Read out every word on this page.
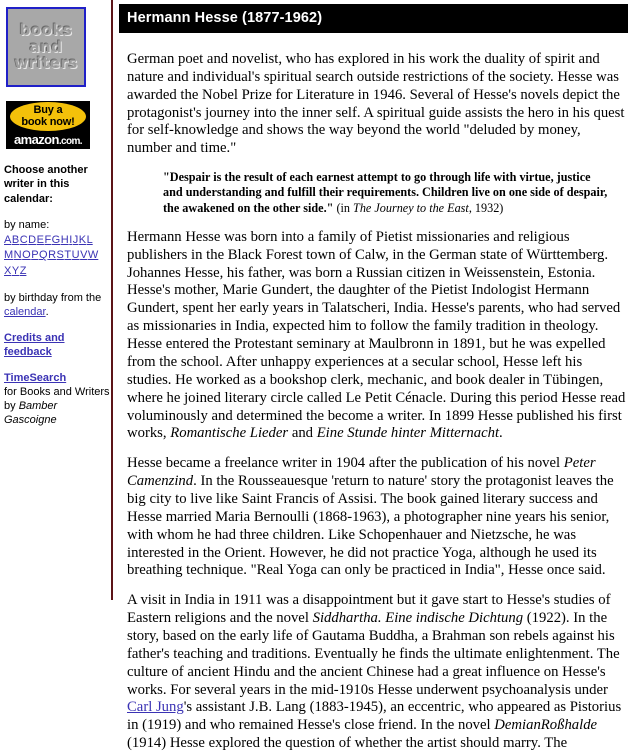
books
and
writers
Buy a
book now!
amazon.com.
Choose another writer in this calendar:
by name:
ABCDEFGHIJKL
MNOPQRSTUVW
XYZ
by birthday from the
calendar.
Credits and feedback
TimeSearch
for Books and Writers
by Bamber Gascoigne
Hermann Hesse (1877-1962)

German poet and novelist, who has explored in his work the duality of spirit and nature and individual's spiritual search outside restrictions of the society. Hesse was awarded the Nobel Prize for Literature in 1946. Several of Hesse's novels depict the protagonist's journey into the inner self. A spiritual guide assists the hero in his quest for self-knowledge and shows the way beyond the world "deluded by money, number and time."

"Despair is the result of each earnest attempt to go through life with virtue, justice and understanding and fulfill their requirements. Children live on one side of despair, the awakened on the other side." (in The Journey to the East, 1932)

Hermann Hesse was born into a family of Pietist missionaries and religious publishers in the Black Forest town of Calw, in the German state of Württemberg. Johannes Hesse, his father, was born a Russian citizen in Weissenstein, Estonia. Hesse's mother, Marie Gundert, the daughter of the Pietist Indologist Hermann Gundert, spent her early years in Talatscheri, India. Hesse's parents, who had served as missionaries in India, expected him to follow the family tradition in theology. Hesse entered the Protestant seminary at Maulbronn in 1891, but he was expelled from the school. After unhappy experiences at a secular school, Hesse left his studies. He worked as a bookshop clerk, mechanic, and book dealer in Tübingen, where he joined literary circle called Le Petit Cénacle. During this period Hesse read voluminously and determined the become a writer. In 1899 Hesse published his first works, Romantische Lieder and Eine Stunde hinter Mitternacht.

Hesse became a freelance writer in 1904 after the publication of his novel Peter Camenzind. In the Rousseauesque 'return to nature' story the protagonist leaves the big city to live like Saint Francis of Assisi. The book gained literary success and Hesse married Maria Bernoulli (1868-1963), a photographer nine years his senior, with whom he had three children. Like Schopenhauer and Nietzsche, he was interested in the Orient. However, he did not practice Yoga, although he used its breathing technique. "Real Yoga can only be practiced in India", Hesse once said.

A visit in India in 1911 was a disappointment but it gave start to Hesse's studies of Eastern religions and the novel Siddhartha. Eine indische Dichtung (1922). In the story, based on the early life of Gautama Buddha, a Brahman son rebels against his father's teaching and traditions. Eventually he finds the ultimate enlightenment. The culture of ancient Hindu and the ancient Chinese had a great influence on Hesse's works. For several years in the mid-1910s Hesse underwent psychoanalysis under Carl Jung's assistant J.B. Lang (1883-1945), an eccentric, who appeared as Pistorius in (1919) and who remained Hesse's close friend. In the novel DemianRoßhalde (1914) Hesse explored the question of whether the artist should marry. The
